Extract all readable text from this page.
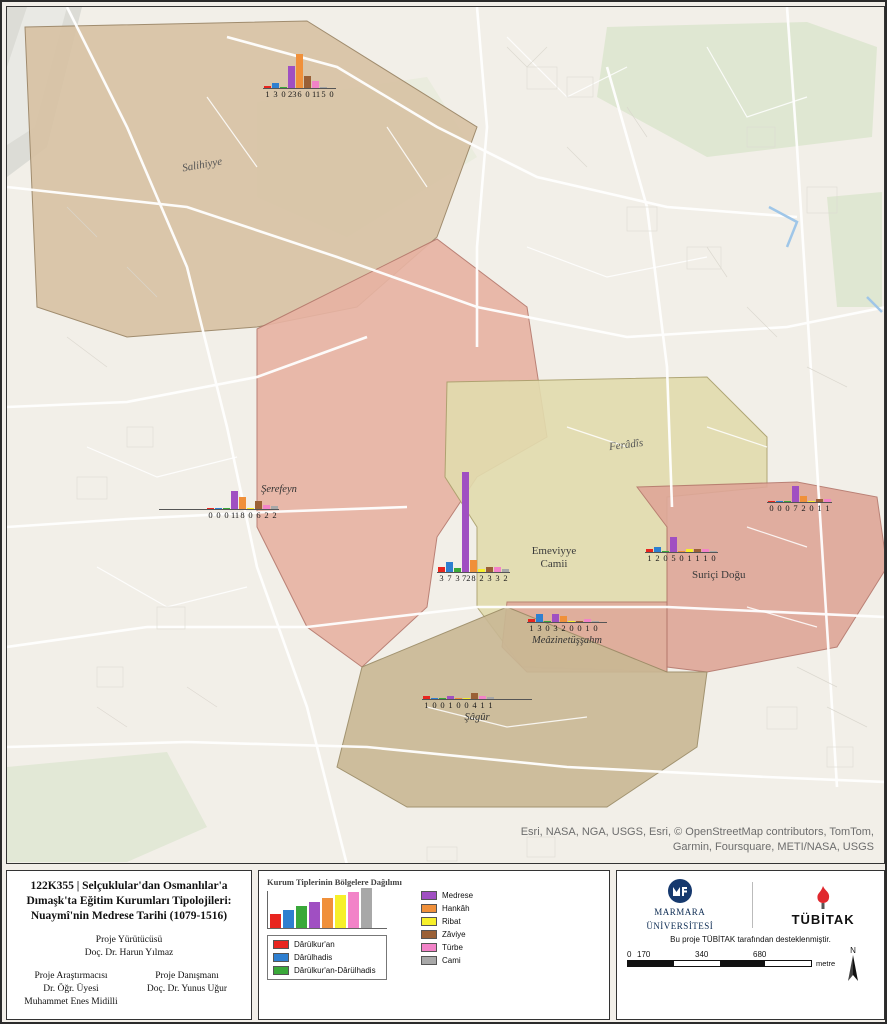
Salihiyye
Ferâdîs
Suriçi Doğu
Emeviyye Camii
1 3 0 23 6 0 11 5 0
0 0 0 11 8 0 6 2 2
Şerefeyn
3 7 3 72 8 2 3 3 2
0 0 0 7 2 0 1 1
1 2 0 5 0 1 1 1 0
1 3 0 3 2 0 0 1 0
Meâzinetüşşahm
1 0 0 1 0 0 4 1 1
Şâgûr
Esri, NASA, NGA, USGS, Esri, © OpenStreetMap contributors, TomTom,
Garmin, Foursquare, METI/NASA, USGS
122K355 | Selçuklular'dan Osmanlılar'a
Dımaşk'ta Eğitim Kurumları Tipolojileri:
Nuaymî'nin Medrese Tarihi (1079-1516)
Proje Yürütücüsü
Doç. Dr. Harun Yılmaz
Proje Araştırmacısı
Dr. Öğr. Üyesi
Muhammet Enes Midilli
Proje Danışmanı
Doç. Dr. Yunus Uğur
Kurum Tiplerinin Bölgelere Dağılımı
Dârülkur'an
Dârülhadis
Dârülkur'an-Dârülhadis
Medrese
Hankâh
Ribat
Zâviye
Türbe
Cami
MARMARA
ÜNİVERSİTESİ	TÜBİTAK
Bu proje TÜBİTAK tarafından desteklenmiştir.
0 170	340	680
metre
N
